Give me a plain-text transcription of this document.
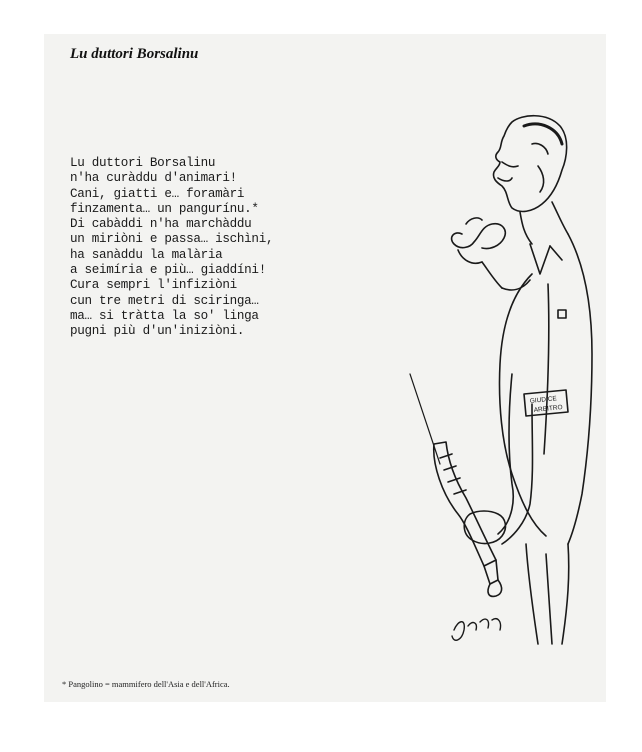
Lu duttori Borsalinu
Lu duttori Borsalinu
n'ha curàddu d'animari!
Cani, giatti e… foramàri
finzamenta… un pangurínu.*
Di cabàddi n'ha marchàddu
un miriòni e passa… ischìni,
ha sanàddu la malària
a seimíria e più… giaddíni!
Cura sempri l'infiziòni
cun tre metri di sciringa…
ma… si tràtta la so' linga
pugni più d'un'iniziòni.
GIUDICE
ARBITRO
* Pangolino = mammifero dell'Asia e dell'Africa.
